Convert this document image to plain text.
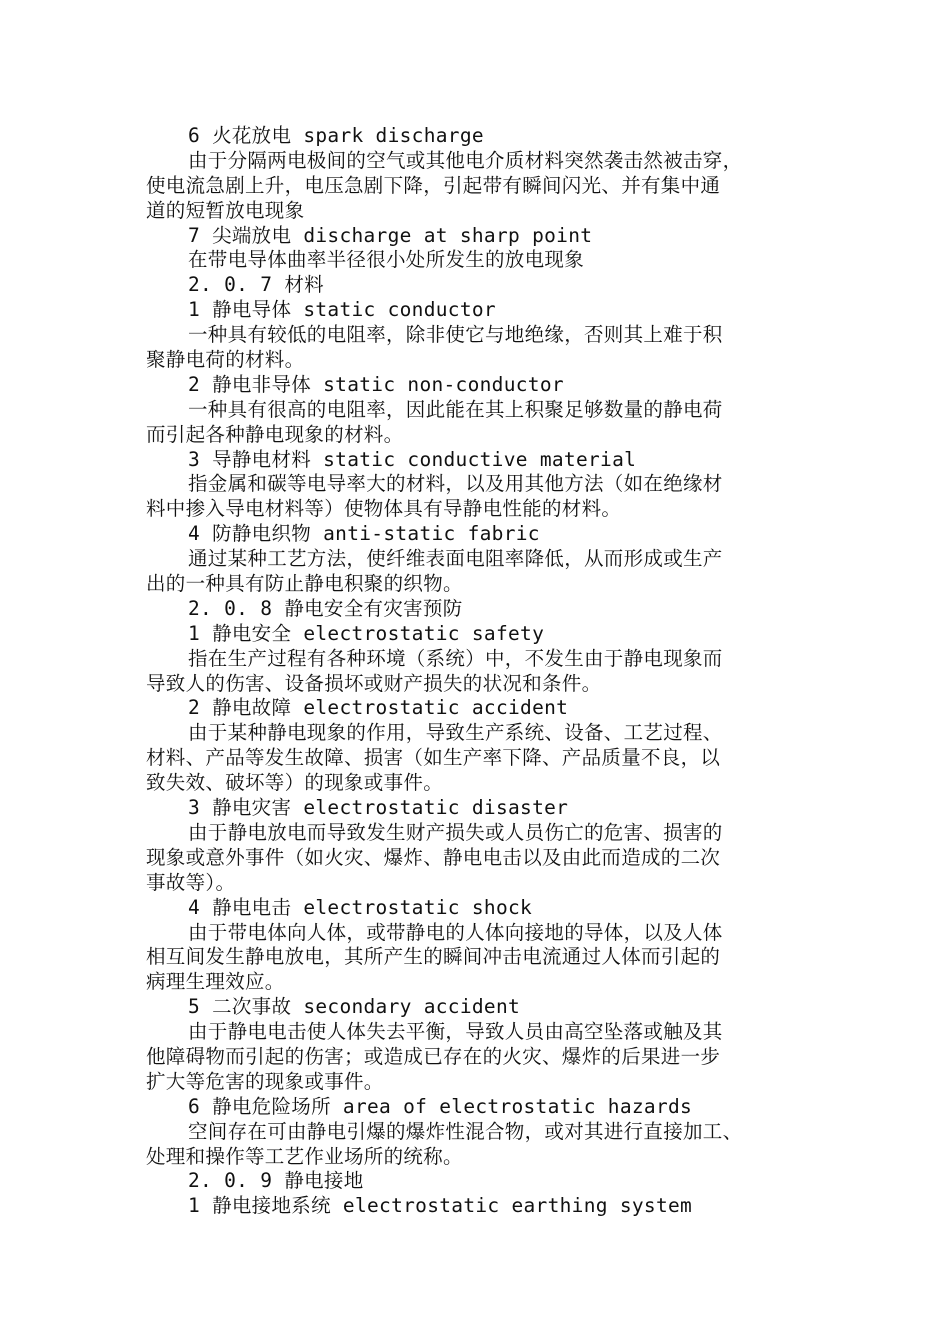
6 火花放电 spark discharge
由于分隔两电极间的空气或其他电介质材料突然袭击然被击穿，
使电流急剧上升，电压急剧下降，引起带有瞬间闪光、并有集中通
道的短暂放电现象
7 尖端放电 discharge at sharp point
在带电导体曲率半径很小处所发生的放电现象
2. 0. 7 材料
1 静电导体 static conductor
一种具有较低的电阻率，除非使它与地绝缘，否则其上难于积
聚静电荷的材料。
2 静电非导体 static non-conductor
一种具有很高的电阻率，因此能在其上积聚足够数量的静电荷
而引起各种静电现象的材料。
3 导静电材料 static conductive material
指金属和碳等电导率大的材料，以及用其他方法（如在绝缘材
料中掺入导电材料等）使物体具有导静电性能的材料。
4 防静电织物 anti-static fabric
通过某种工艺方法，使纤维表面电阻率降低，从而形成或生产
出的一种具有防止静电积聚的织物。
2. 0. 8 静电安全有灾害预防
1 静电安全 electrostatic safety
指在生产过程有各种环境（系统）中，不发生由于静电现象而
导致人的伤害、设备损坏或财产损失的状况和条件。
2 静电故障 electrostatic accident
由于某种静电现象的作用，导致生产系统、设备、工艺过程、
材料、产品等发生故障、损害（如生产率下降、产品质量不良，以
致失效、破坏等）的现象或事件。
3 静电灾害 electrostatic disaster
由于静电放电而导致发生财产损失或人员伤亡的危害、损害的
现象或意外事件（如火灾、爆炸、静电电击以及由此而造成的二次
事故等）。
4 静电电击 electrostatic shock
由于带电体向人体，或带静电的人体向接地的导体，以及人体
相互间发生静电放电，其所产生的瞬间冲击电流通过人体而引起的
病理生理效应。
5 二次事故 secondary accident
由于静电电击使人体失去平衡，导致人员由高空坠落或触及其
他障碍物而引起的伤害；或造成已存在的火灾、爆炸的后果进一步
扩大等危害的现象或事件。
6 静电危险场所 area of electrostatic hazards
空间存在可由静电引爆的爆炸性混合物，或对其进行直接加工、
处理和操作等工艺作业场所的统称。
2. 0. 9 静电接地
1 静电接地系统 electrostatic earthing system
